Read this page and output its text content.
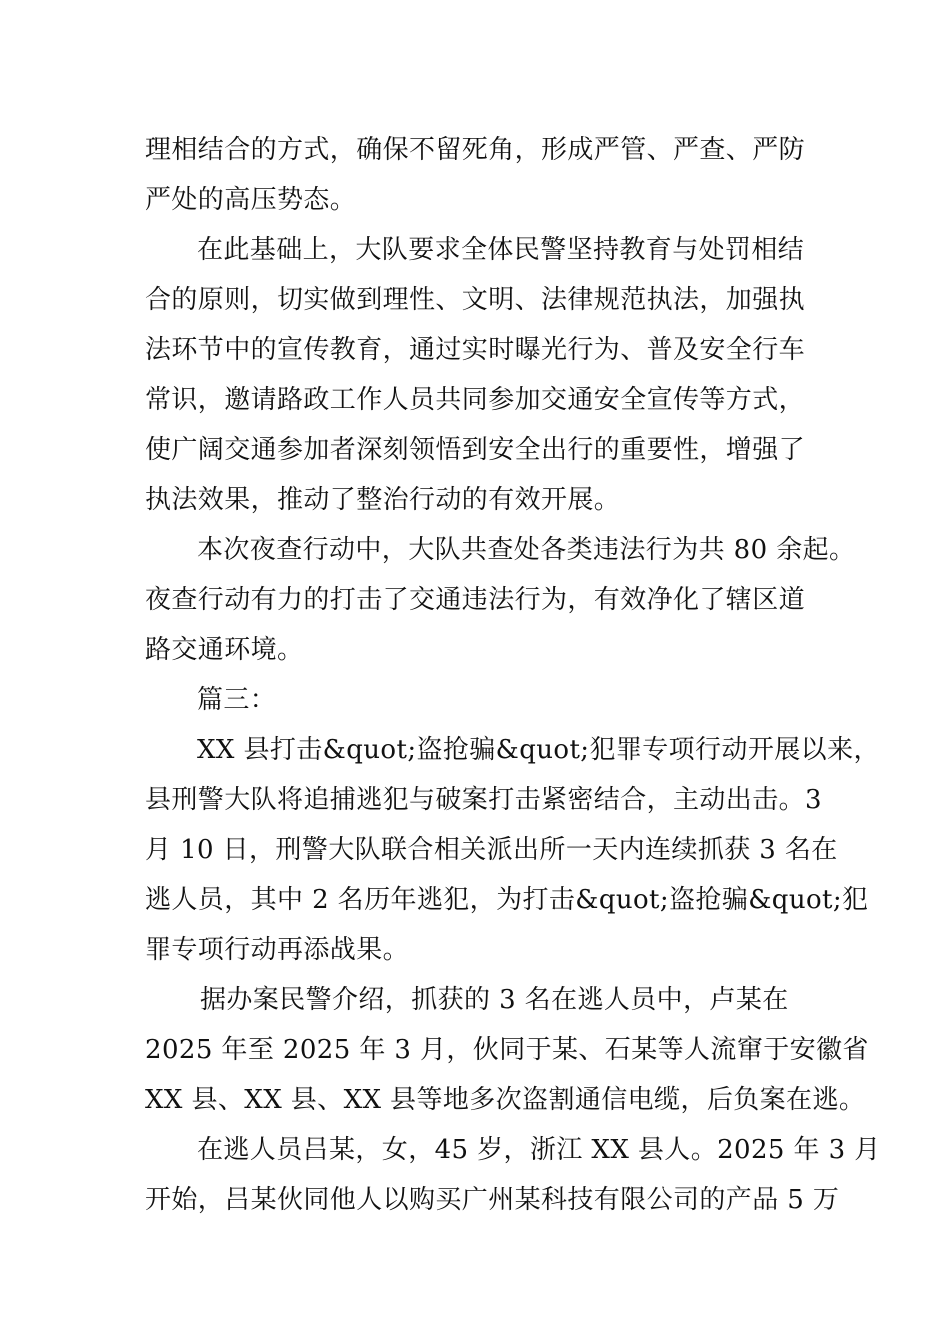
理相结合的方式，确保不留死角，形成严管、严查、严防
严处的高压势态。
在此基础上，大队要求全体民警坚持教育与处罚相结
合的原则，切实做到理性、文明、法律规范执法，加强执
法环节中的宣传教育，通过实时曝光行为、普及安全行车
常识，邀请路政工作人员共同参加交通安全宣传等方式，
使广阔交通参加者深刻领悟到安全出行的重要性，增强了
执法效果，推动了整治行动的有效开展。
本次夜查行动中，大队共查处各类违法行为共 80 余起。
夜查行动有力的打击了交通违法行为，有效净化了辖区道
路交通环境。
篇三：
XX 县打击&quot;盗抢骗&quot;犯罪专项行动开展以来，
县刑警大队将追捕逃犯与破案打击紧密结合，主动出击。3
月 10 日，刑警大队联合相关派出所一天内连续抓获 3 名在
逃人员，其中 2 名历年逃犯，为打击&quot;盗抢骗&quot;犯
罪专项行动再添战果。
据办案民警介绍，抓获的 3 名在逃人员中，卢某在
2025 年至 2025 年 3 月，伙同于某、石某等人流窜于安徽省
XX 县、XX 县、XX 县等地多次盗割通信电缆，后负案在逃。
在逃人员吕某，女，45 岁，浙江 XX 县人。2025 年 3 月
开始，吕某伙同他人以购买广州某科技有限公司的产品 5 万
